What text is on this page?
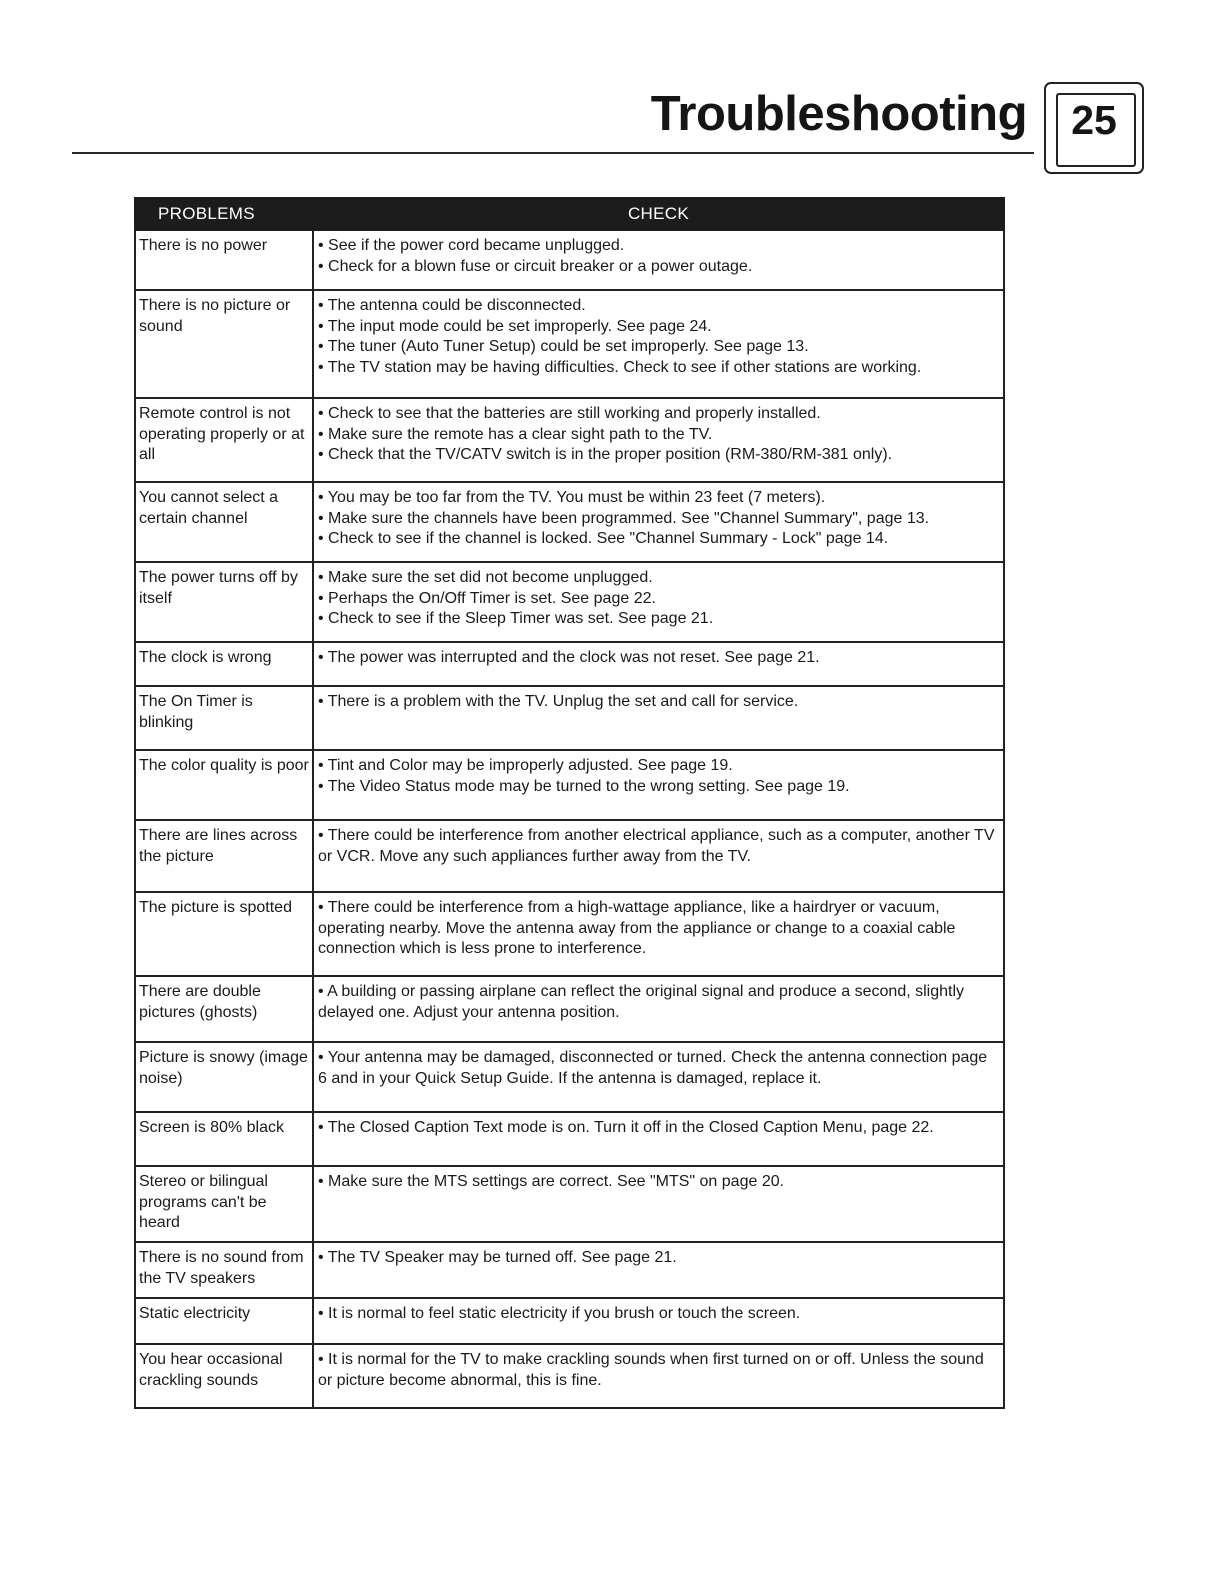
Troubleshooting	25
PROBLEMS	CHECK
There is no power	• See if the power cord became unplugged.
• Check for a blown fuse or circuit breaker or a power outage.

There is no picture or sound	• The antenna could be disconnected.
• The input mode could be set improperly. See page 24.
• The tuner (Auto Tuner Setup) could be set improperly. See page 13.
• The TV station may be having difficulties. Check to see if other stations are working.

Remote control is not operating properly or at all	• Check to see that the batteries are still working and properly installed.
• Make sure the remote has a clear sight path to the TV.
• Check that the TV/CATV switch is in the proper position (RM-380/RM-381 only).

You cannot select a certain channel	• You may be too far from the TV. You must be within 23 feet (7 meters).
• Make sure the channels have been programmed. See "Channel Summary", page 13.
• Check to see if the channel is locked. See "Channel Summary - Lock" page 14.

The power turns off by itself	• Make sure the set did not become unplugged.
• Perhaps the On/Off Timer is set. See page 22.
• Check to see if the Sleep Timer was set. See page 21.

The clock is wrong	• The power was interrupted and the clock was not reset. See page 21.

The On Timer is blinking	• There is a problem with the TV. Unplug the set and call for service.

The color quality is poor	• Tint and Color may be improperly adjusted. See page 19.
• The Video Status mode may be turned to the wrong setting. See page 19.

There are lines across the picture	• There could be interference from another electrical appliance, such as a computer, another TV or VCR. Move any such appliances further away from the TV.

The picture is spotted	• There could be interference from a high-wattage appliance, like a hairdryer or vacuum, operating nearby. Move the antenna away from the appliance or change to a coaxial cable connection which is less prone to interference.

There are double pictures (ghosts)	• A building or passing airplane can reflect the original signal and produce a second, slightly delayed one. Adjust your antenna position.

Picture is snowy (image noise)	• Your antenna may be damaged, disconnected or turned. Check the antenna connection page 6 and in your Quick Setup Guide. If the antenna is damaged, replace it.

Screen is 80% black	• The Closed Caption Text mode is on. Turn it off in the Closed Caption Menu, page 22.

Stereo or bilingual programs can't be heard	• Make sure the MTS settings are correct. See "MTS" on page 20.

There is no sound from the TV speakers	• The TV Speaker may be turned off. See page 21.

Static electricity	• It is normal to feel static electricity if you brush or touch the screen.

You hear occasional crackling sounds	• It is normal for the TV to make crackling sounds when first turned on or off. Unless the sound or picture become abnormal, this is fine.
